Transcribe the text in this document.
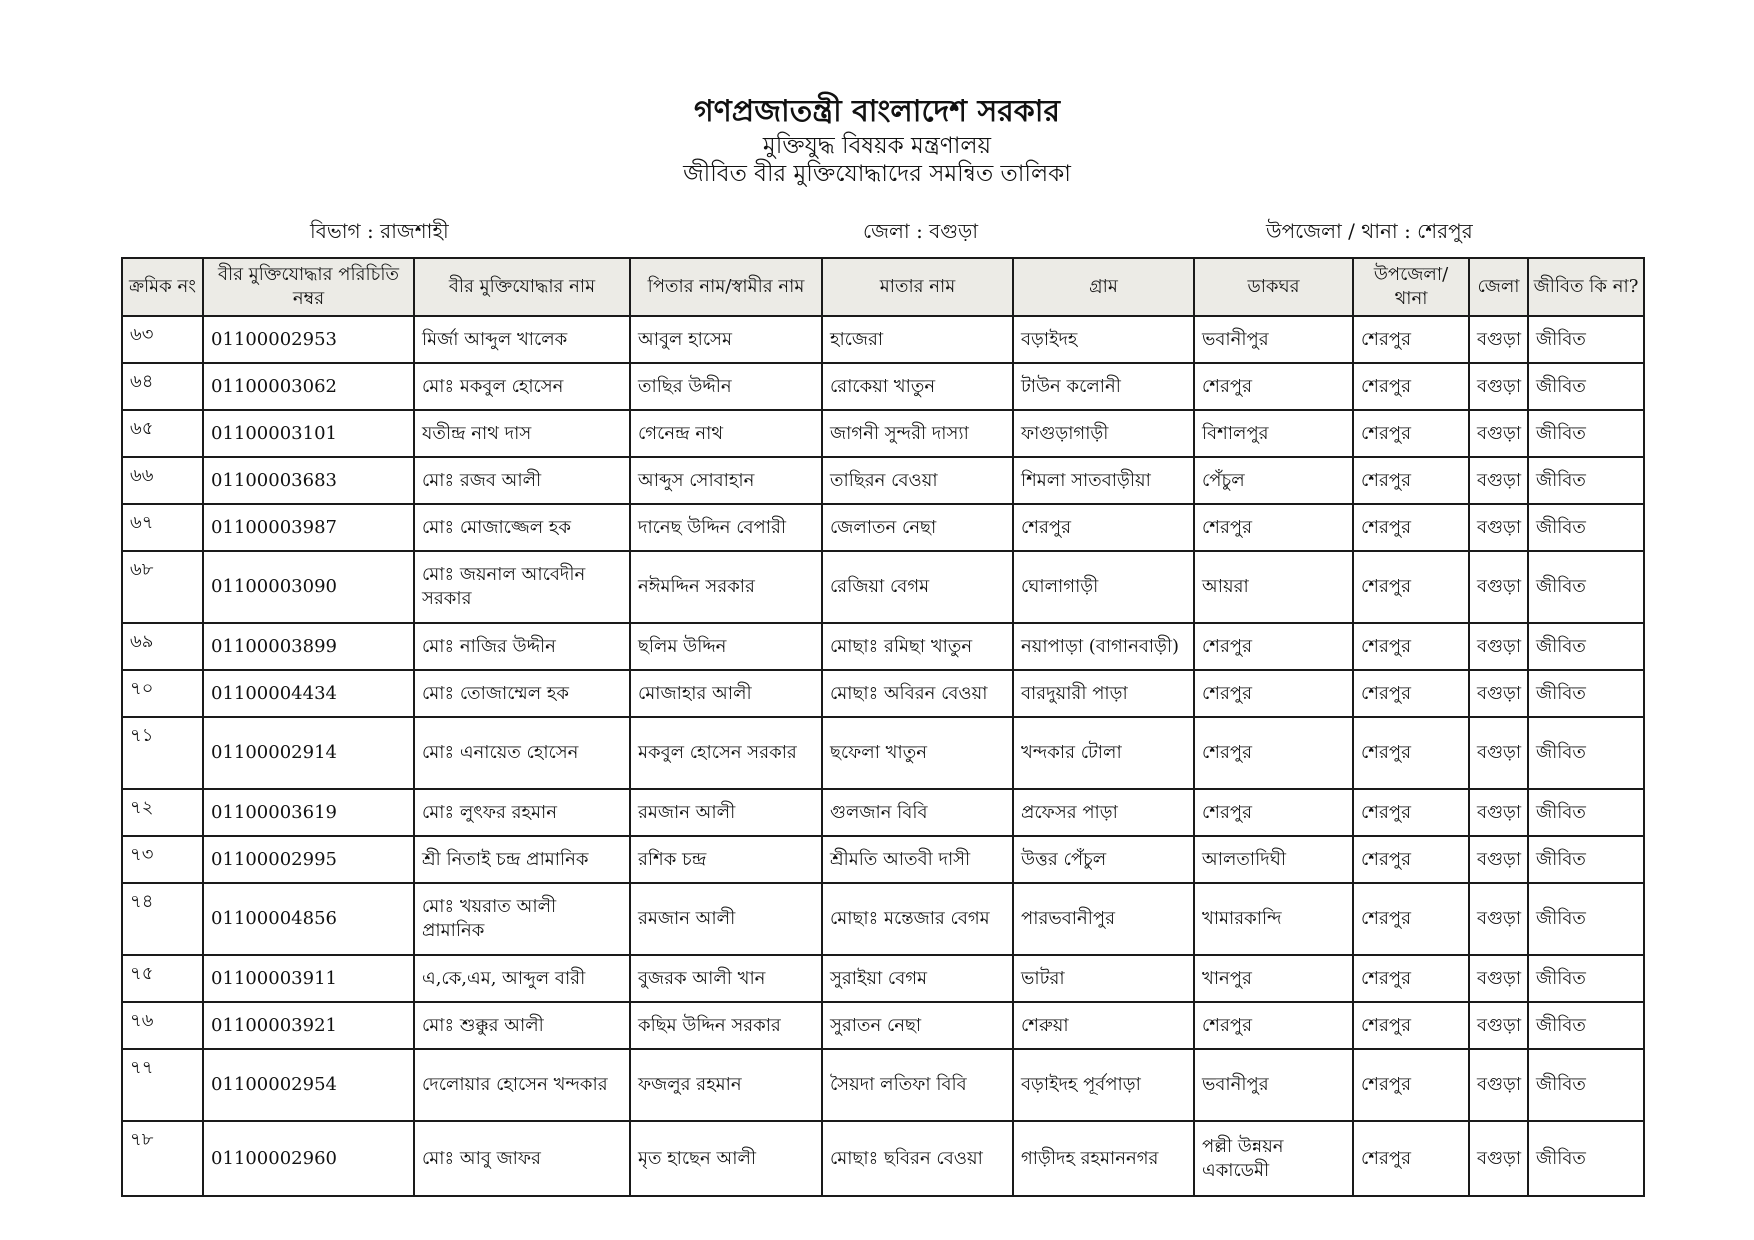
গণপ্রজাতন্ত্রী বাংলাদেশ সরকার

মুক্তিযুদ্ধ বিষয়ক মন্ত্রণালয়

জীবিত বীর মুক্তিযোদ্ধাদের সমন্বিত তালিকা

বিভাগ : রাজশাহী	জেলা : বগুড়া	উপজেলা / থানা : শেরপুর
ক্রমিক নং	বীর মুক্তিযোদ্ধার পরিচিতি নম্বর	বীর মুক্তিযোদ্ধার নাম	পিতার নাম/স্বামীর নাম	মাতার নাম	গ্রাম	ডাকঘর	উপজেলা/থানা	জেলা	জীবিত কি না?
৬৩	01100002953	মির্জা আব্দুল খালেক	আবুল হাসেম	হাজেরা	বড়াইদহ	ভবানীপুর	শেরপুর	বগুড়া	জীবিত
৬৪	01100003062	মোঃ মকবুল হোসেন	তাছির উদ্দীন	রোকেয়া খাতুন	টাউন কলোনী	শেরপুর	শেরপুর	বগুড়া	জীবিত
৬৫	01100003101	যতীন্দ্র নাথ দাস	গেনেন্দ্র নাথ	জাগনী সুন্দরী দাস্যা	ফাগুড়াগাড়ী	বিশালপুর	শেরপুর	বগুড়া	জীবিত
৬৬	01100003683	মোঃ রজব আলী	আব্দুস সোবাহান	তাছিরন বেওয়া	শিমলা সাতবাড়ীয়া	পেঁচুল	শেরপুর	বগুড়া	জীবিত
৬৭	01100003987	মোঃ মোজাজ্জেল হক	দানেছ উদ্দিন বেপারী	জেলাতন নেছা	শেরপুর	শেরপুর	শেরপুর	বগুড়া	জীবিত
৬৮	01100003090	মোঃ জয়নাল আবেদীন সরকার	নঈমদ্দিন সরকার	রেজিয়া বেগম	ঘোলাগাড়ী	আয়রা	শেরপুর	বগুড়া	জীবিত
৬৯	01100003899	মোঃ নাজির উদ্দীন	ছলিম উদ্দিন	মোছাঃ রমিছা খাতুন	নয়াপাড়া (বাগানবাড়ী)	শেরপুর	শেরপুর	বগুড়া	জীবিত
৭০	01100004434	মোঃ তোজাম্মেল হক	মোজাহার আলী	মোছাঃ অবিরন বেওয়া	বারদুয়ারী পাড়া	শেরপুর	শেরপুর	বগুড়া	জীবিত
৭১	01100002914	মোঃ এনায়েত হোসেন	মকবুল হোসেন সরকার	ছফেলা খাতুন	খন্দকার টোলা	শেরপুর	শেরপুর	বগুড়া	জীবিত
৭২	01100003619	মোঃ লুৎফর রহমান	রমজান আলী	গুলজান বিবি	প্রফেসর পাড়া	শেরপুর	শেরপুর	বগুড়া	জীবিত
৭৩	01100002995	শ্রী নিতাই চন্দ্র প্রামানিক	রশিক চন্দ্র	শ্রীমতি আতবী দাসী	উত্তর পেঁচুল	আলতাদিঘী	শেরপুর	বগুড়া	জীবিত
৭৪	01100004856	মোঃ খয়রাত আলী প্রামানিক	রমজান আলী	মোছাঃ মন্তেজার বেগম	পারভবানীপুর	খামারকান্দি	শেরপুর	বগুড়া	জীবিত
৭৫	01100003911	এ,কে,এম, আব্দুল বারী	বুজরক আলী খান	সুরাইয়া বেগম	ভাটরা	খানপুর	শেরপুর	বগুড়া	জীবিত
৭৬	01100003921	মোঃ শুক্কুর আলী	কছিম উদ্দিন সরকার	সুরাতন নেছা	শেরুয়া	শেরপুর	শেরপুর	বগুড়া	জীবিত
৭৭	01100002954	দেলোয়ার হোসেন খন্দকার	ফজলুর রহমান	সৈয়দা লতিফা বিবি	বড়াইদহ পূর্বপাড়া	ভবানীপুর	শেরপুর	বগুড়া	জীবিত
৭৮	01100002960	মোঃ আবু জাফর	মৃত হাছেন আলী	মোছাঃ ছবিরন বেওয়া	গাড়ীদহ রহমাননগর	পল্লী উন্নয়ন একাডেমী	শেরপুর	বগুড়া	জীবিত
